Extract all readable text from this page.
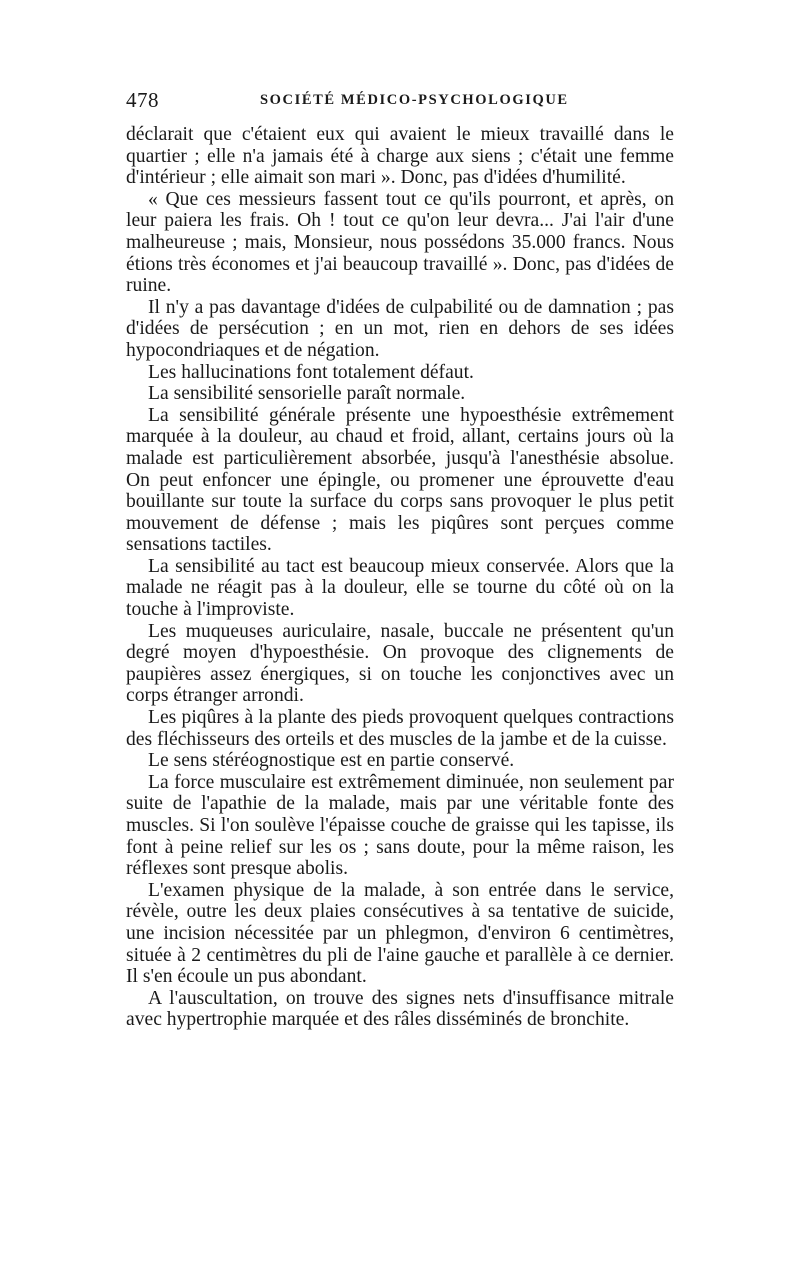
478	SOCIÉTÉ MÉDICO-PSYCHOLOGIQUE

déclarait que c'étaient eux qui avaient le mieux travaillé dans le quartier ; elle n'a jamais été à charge aux siens ; c'était une femme d'intérieur ; elle aimait son mari ». Donc, pas d'idées d'humilité.

« Que ces messieurs fassent tout ce qu'ils pourront, et après, on leur paiera les frais. Oh ! tout ce qu'on leur devra... J'ai l'air d'une malheureuse ; mais, Monsieur, nous possédons 35.000 francs. Nous étions très économes et j'ai beaucoup travaillé ». Donc, pas d'idées de ruine.

Il n'y a pas davantage d'idées de culpabilité ou de damnation ; pas d'idées de persécution ; en un mot, rien en dehors de ses idées hypocondriaques et de négation.

Les hallucinations font totalement défaut.

La sensibilité sensorielle paraît normale.

La sensibilité générale présente une hypoesthésie extrêmement marquée à la douleur, au chaud et froid, allant, certains jours où la malade est particulièrement absorbée, jusqu'à l'anesthésie absolue. On peut enfoncer une épingle, ou promener une éprouvette d'eau bouillante sur toute la surface du corps sans provoquer le plus petit mouvement de défense ; mais les piqûres sont perçues comme sensations tactiles.

La sensibilité au tact est beaucoup mieux conservée. Alors que la malade ne réagit pas à la douleur, elle se tourne du côté où on la touche à l'improviste.

Les muqueuses auriculaire, nasale, buccale ne présentent qu'un degré moyen d'hypoesthésie. On provoque des clignements de paupières assez énergiques, si on touche les conjonctives avec un corps étranger arrondi.

Les piqûres à la plante des pieds provoquent quelques contractions des fléchisseurs des orteils et des muscles de la jambe et de la cuisse.

Le sens stéréognostique est en partie conservé.

La force musculaire est extrêmement diminuée, non seulement par suite de l'apathie de la malade, mais par une véritable fonte des muscles. Si l'on soulève l'épaisse couche de graisse qui les tapisse, ils font à peine relief sur les os ; sans doute, pour la même raison, les réflexes sont presque abolis.

L'examen physique de la malade, à son entrée dans le service, révèle, outre les deux plaies consécutives à sa tentative de suicide, une incision nécessitée par un phlegmon, d'environ 6 centimètres, située à 2 centimètres du pli de l'aine gauche et parallèle à ce dernier. Il s'en écoule un pus abondant.

A l'auscultation, on trouve des signes nets d'insuffisance mitrale avec hypertrophie marquée et des râles disséminés de bronchite.
